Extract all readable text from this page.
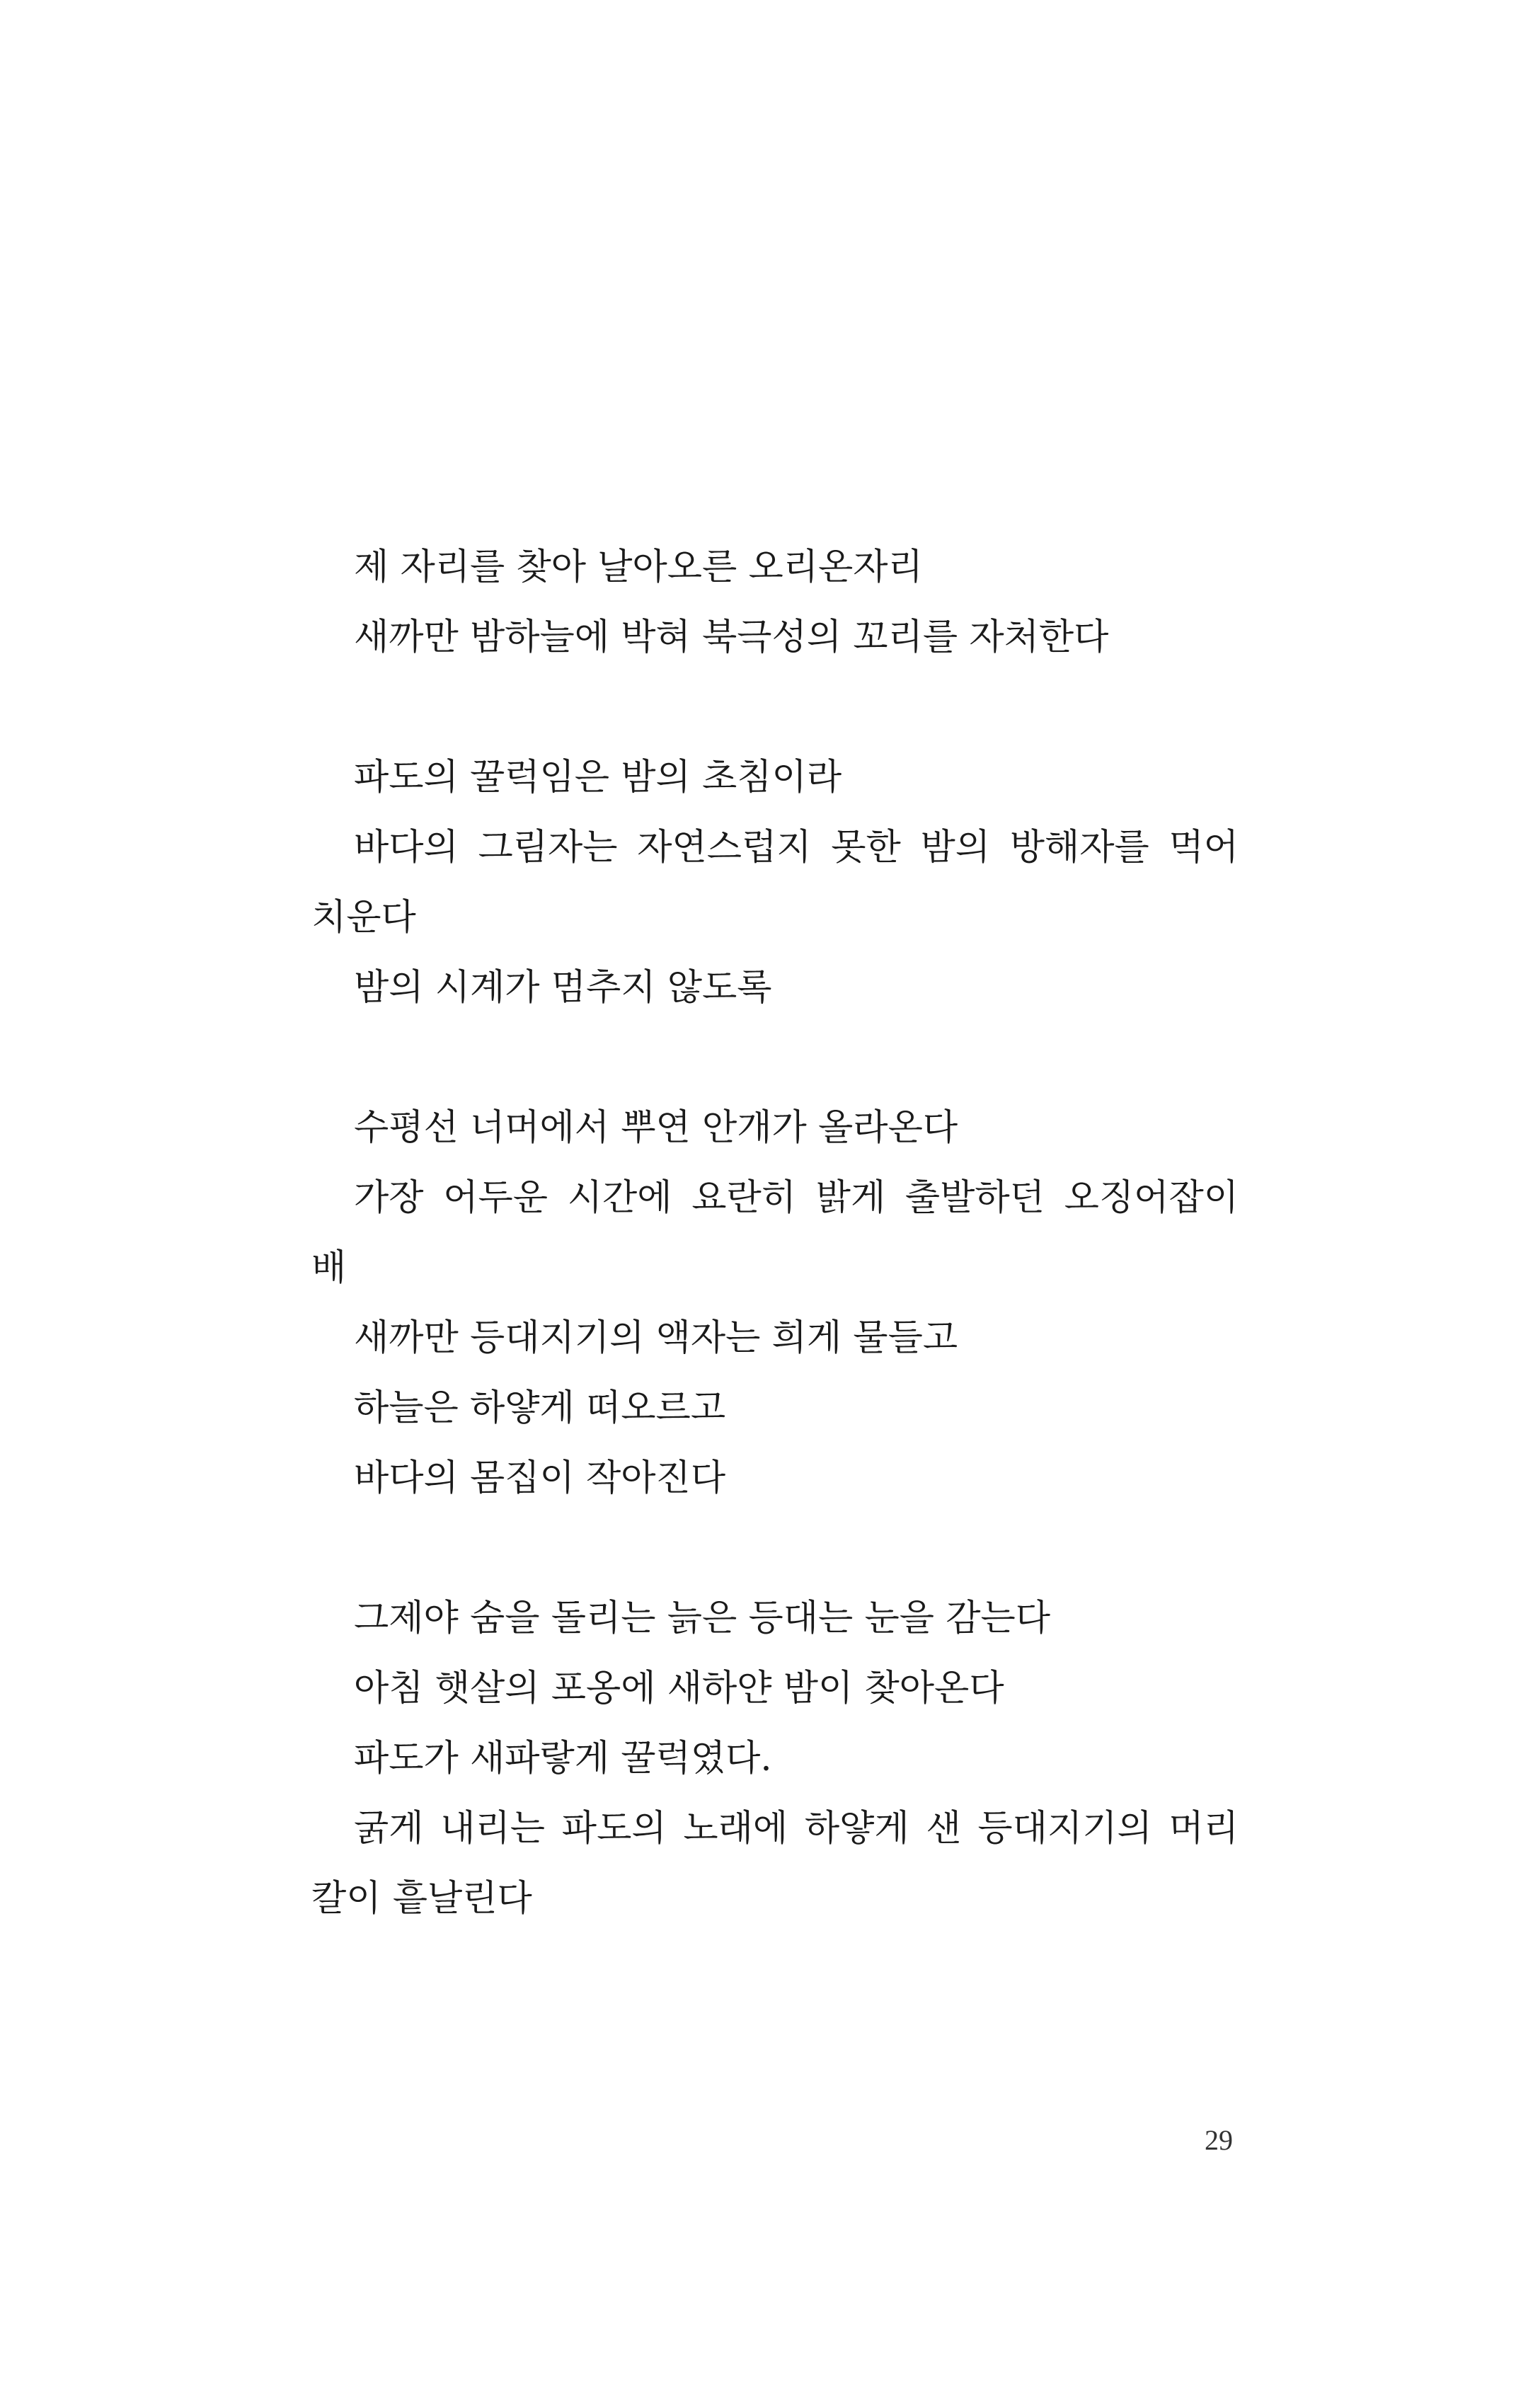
제 자리를 찾아 날아오른 오리온자리
새까만 밤하늘에 박혀 북극성의 꼬리를 자처한다
파도의 꿀럭임은 밤의 초침이라
바다의 그림자는 자연스럽지 못한 밤의 방해자를 먹어
치운다
밤의 시계가 멈추지 않도록
수평선 너머에서 뿌연 안개가 올라온다
가장 어두운 시간에 요란히 밝게 출발하던 오징어잡이
배
새까만 등대지기의 액자는 희게 물들고
하늘은 하얗게 떠오르고
바다의 몸집이 작아진다
그제야 숨을 돌리는 늙은 등대는 눈을 감는다
아침 햇살의 포옹에 새하얀 밤이 찾아온다
파도가 새파랗게 꿀럭였다.
굵게 내리는 파도의 노래에 하얗게 샌 등대지기의 머리
칼이 흩날린다
29
